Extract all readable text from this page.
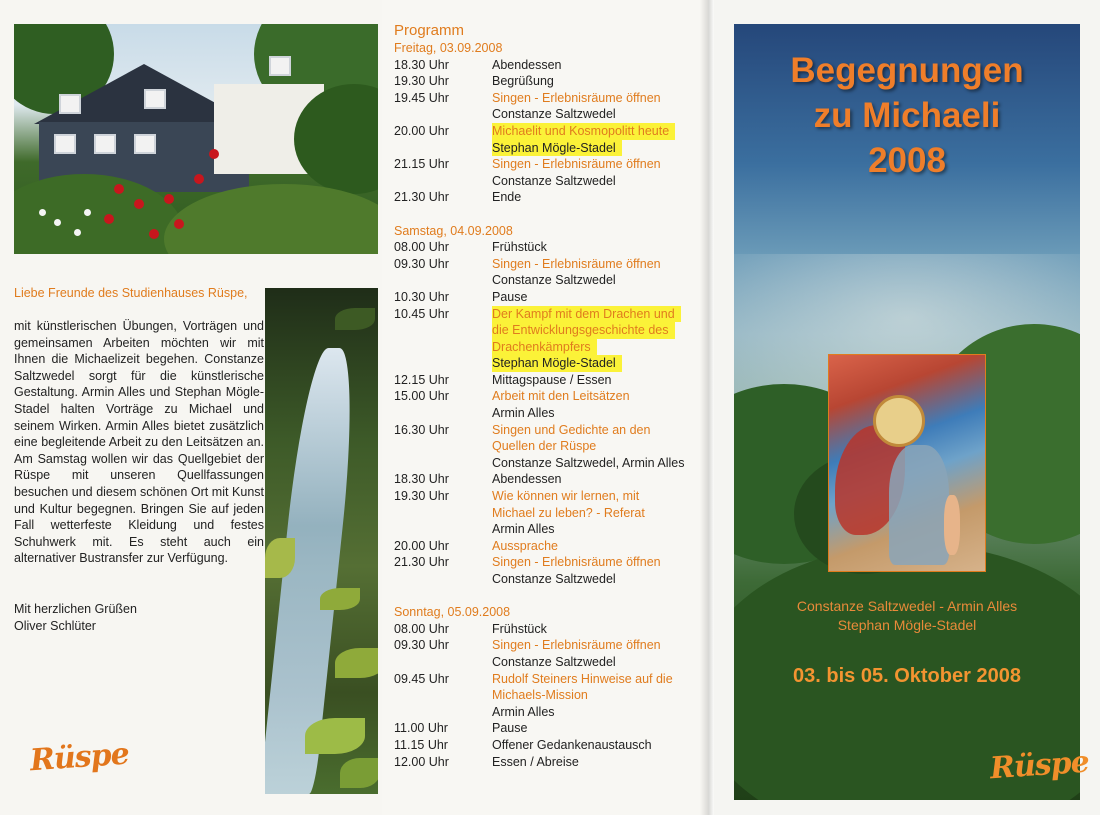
Liebe Freunde des Studienhauses Rüspe,
mit künstlerischen Übungen, Vorträgen und gemeinsamen Arbeiten möchten wir mit Ihnen die Michaelizeit begehen. Constanze Saltzwedel sorgt für die künstlerische Gestaltung. Armin Alles und Stephan Mögle-Stadel halten Vorträge zu Michael und seinem Wirken. Armin Alles bietet zusätzlich eine begleitende Arbeit zu den Leitsätzen an. Am Samstag wollen wir das Quellgebiet der Rüspe mit unseren Quellfassungen besuchen und diesem schönen Ort mit Kunst und Kultur begegnen. Bringen Sie auf jeden Fall wetterfeste Kleidung und festes Schuhwerk mit. Es steht auch ein alternativer Bustransfer zur Verfügung.
Mit herzlichen Grüßen
Oliver Schlüter
Rüspe
Programm
Freitag, 03.09.2008
18.30 Uhr	Abendessen
19.30 Uhr	Begrüßung
19.45 Uhr	Singen - Erlebnisräume öffnen
Constanze Saltzwedel
20.00 Uhr	Michaelit und Kosmopolitt heute
Stephan Mögle-Stadel
21.15 Uhr	Singen - Erlebnisräume öffnen
Constanze Saltzwedel
21.30 Uhr	Ende
Samstag, 04.09.2008
08.00 Uhr	Frühstück
09.30 Uhr	Singen - Erlebnisräume öffnen
Constanze Saltzwedel
10.30 Uhr	Pause
10.45 Uhr	Der Kampf mit dem Drachen und
die Entwicklungsgeschichte des
Drachenkämpfers
Stephan Mögle-Stadel
12.15 Uhr	Mittagspause / Essen
15.00 Uhr	Arbeit mit den Leitsätzen
Armin Alles
16.30 Uhr	Singen und Gedichte an den
Quellen der Rüspe
Constanze Saltzwedel, Armin Alles
18.30 Uhr	Abendessen
19.30 Uhr	Wie können wir lernen, mit
Michael zu leben? - Referat
Armin Alles
20.00 Uhr	Aussprache
21.30 Uhr	Singen - Erlebnisräume öffnen
Constanze Saltzwedel
Sonntag, 05.09.2008
08.00 Uhr	Frühstück
09.30 Uhr	Singen - Erlebnisräume öffnen
Constanze Saltzwedel
09.45 Uhr	Rudolf Steiners Hinweise auf die
Michaels-Mission
Armin Alles
11.00 Uhr	Pause
11.15 Uhr	Offener Gedankenaustausch
12.00 Uhr	Essen / Abreise
Begegnungen
zu Michaeli
2008
Constanze Saltzwedel - Armin Alles
Stephan Mögle-Stadel
03. bis 05. Oktober 2008
Rüspe
